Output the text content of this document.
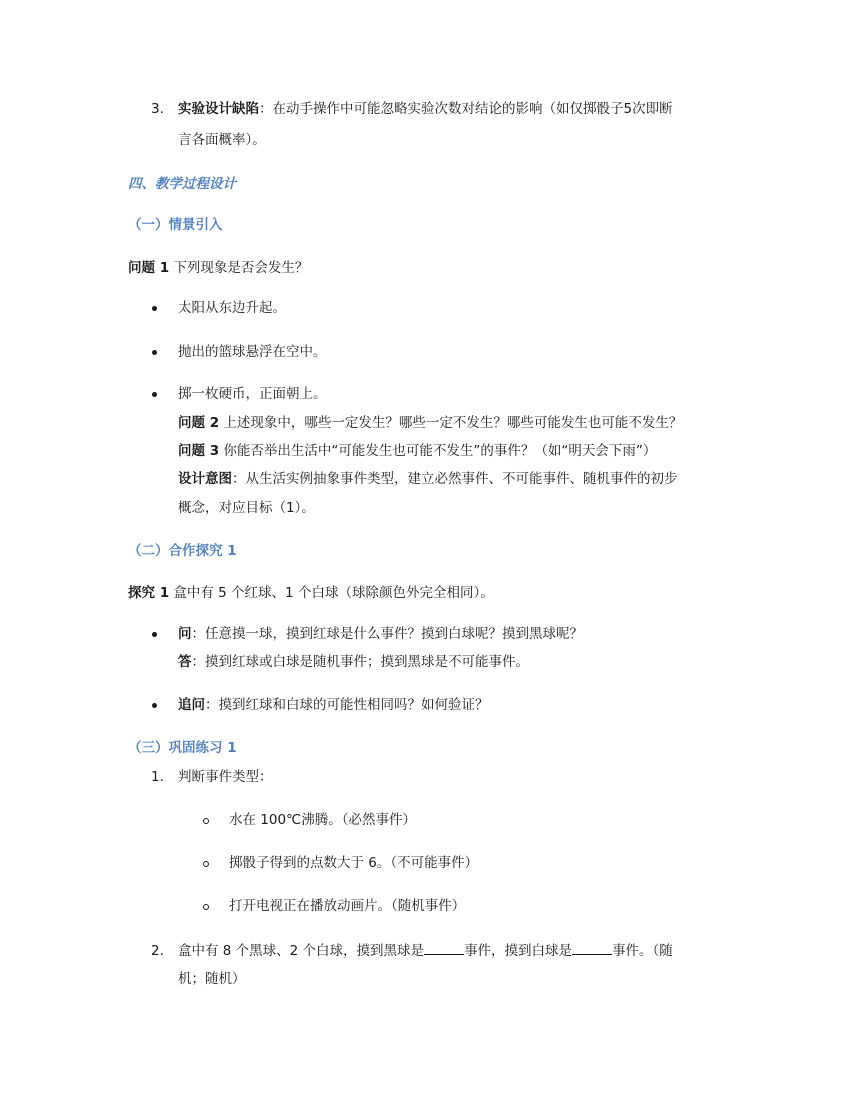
3. 实验设计缺陷：在动手操作中可能忽略实验次数对结论的影响（如仅掷骰子5次即断
言各面概率）。
四、教学过程设计
（一）情景引入
问题 1 下列现象是否会发生？
太阳从东边升起。
抛出的篮球悬浮在空中。
掷一枚硬币，正面朝上。
问题 2 上述现象中，哪些一定发生？哪些一定不发生？哪些可能发生也可能不发生？
问题 3 你能否举出生活中“可能发生也可能不发生”的事件？（如“明天会下雨”）
设计意图：从生活实例抽象事件类型，建立必然事件、不可能事件、随机事件的初步
概念，对应目标（1）。
（二）合作探究 1
探究 1 盒中有 5 个红球、1 个白球（球除颜色外完全相同）。
问：任意摸一球，摸到红球是什么事件？摸到白球呢？摸到黑球呢？
答：摸到红球或白球是随机事件；摸到黑球是不可能事件。
追问：摸到红球和白球的可能性相同吗？如何验证？
（三）巩固练习 1
1. 判断事件类型：
水在 100℃沸腾。（必然事件）
掷骰子得到的点数大于 6。（不可能事件）
打开电视正在播放动画片。（随机事件）
2. 盒中有 8 个黑球、2 个白球，摸到黑球是	事件，摸到白球是	事件。（随
机；随机）
